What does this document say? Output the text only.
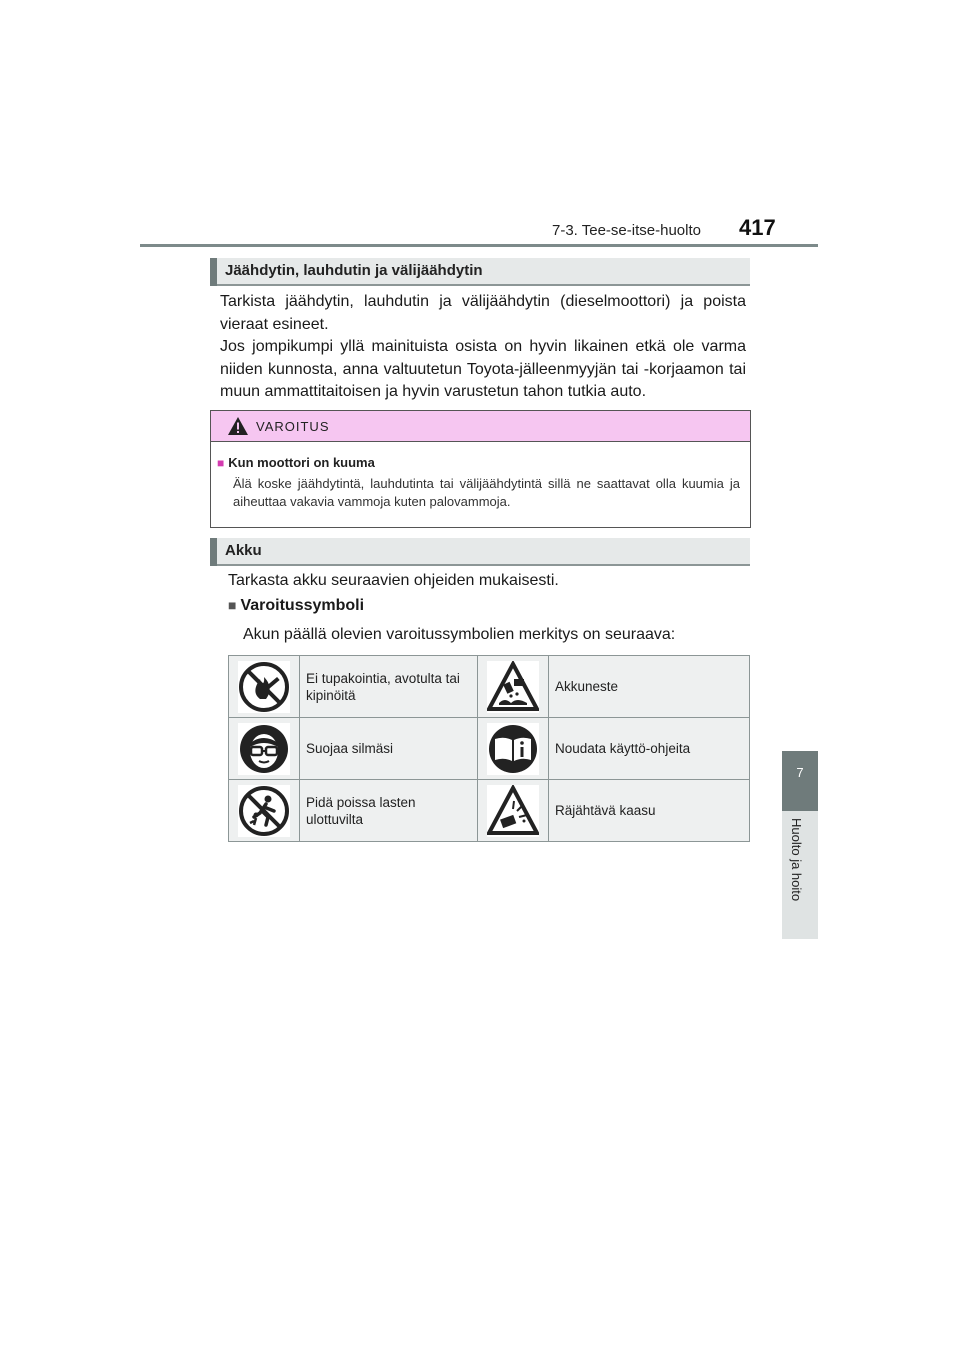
7-3. Tee-se-itse-huolto 417
7
Huolto ja hoito
Jäähdytin, lauhdutin ja välijäähdytin
Tarkista jäähdytin, lauhdutin ja välijäähdytin (dieselmoottori) ja poista vieraat esineet.
Jos jompikumpi yllä mainituista osista on hyvin likainen etkä ole varma niiden kunnosta, anna valtuutetun Toyota-jälleenmyyjän tai -korjaamon tai muun ammattitaitoisen ja hyvin varustetun tahon tutkia auto.
VAROITUS
■ Kun moottori on kuuma
Älä koske jäähdytintä, lauhdutinta tai välijäähdytintä sillä ne saattavat olla kuumia ja aiheuttaa vakavia vammoja kuten palovammoja.
Akku
Tarkasta akku seuraavien ohjeiden mukaisesti.
■ Varoitussymboli
Akun päällä olevien varoitussymbolien merkitys on seuraava:
	Ei tupakointia, avotulta tai kipinöitä		Akkuneste

	Suojaa silmäsi		Noudata käyttö-ohjeita

	Pidä poissa lasten ulottuvilta		Räjähtävä kaasu
